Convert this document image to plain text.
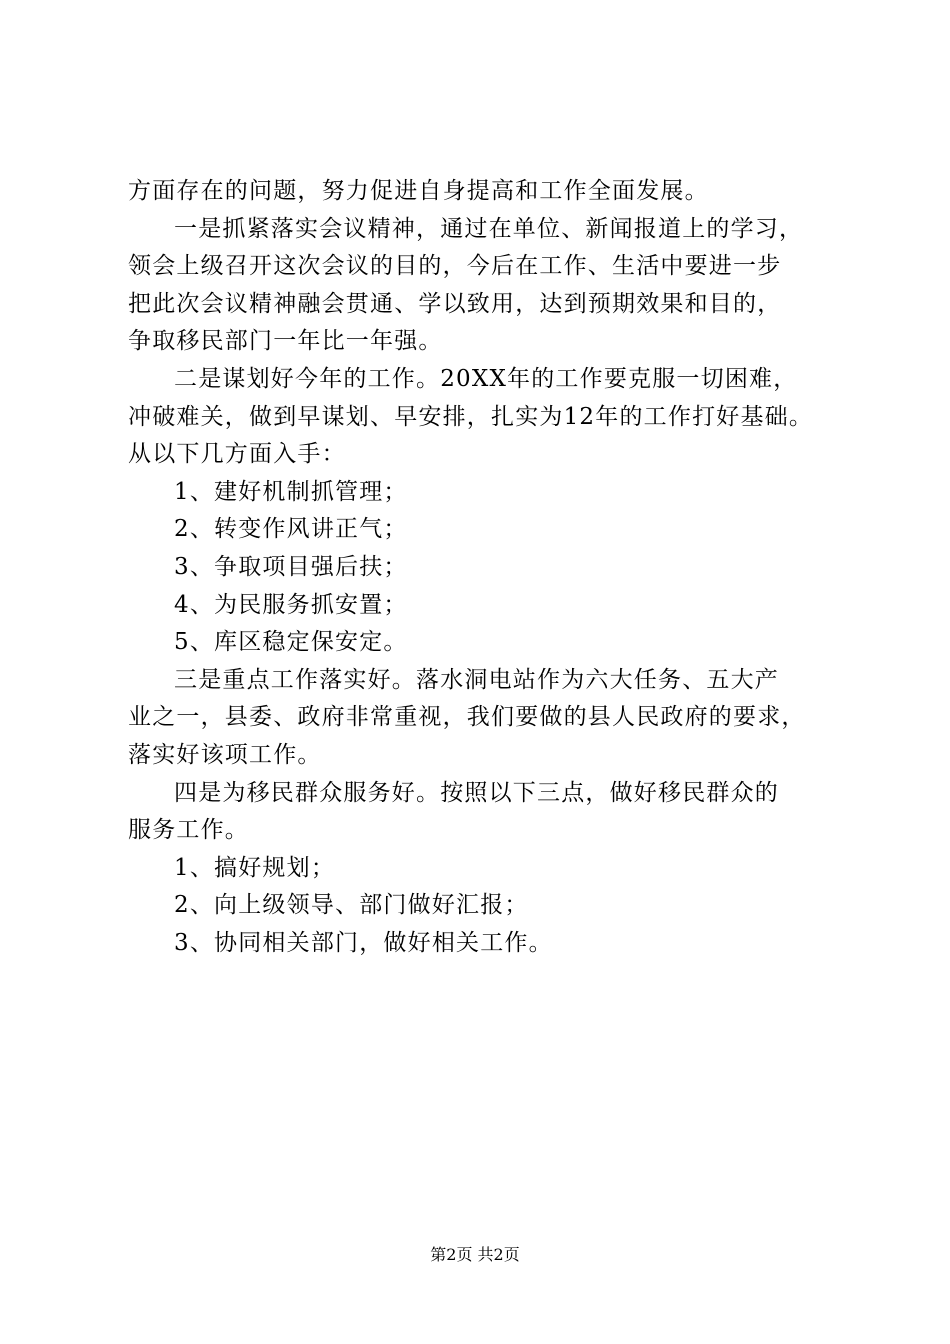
方面存在的问题，努力促进自身提高和工作全面发展。
一是抓紧落实会议精神，通过在单位、新闻报道上的学习，
领会上级召开这次会议的目的，今后在工作、生活中要进一步
把此次会议精神融会贯通、学以致用，达到预期效果和目的，
争取移民部门一年比一年强。
二是谋划好今年的工作。20XX年的工作要克服一切困难，
冲破难关，做到早谋划、早安排，扎实为12年的工作打好基础。
从以下几方面入手：
1、建好机制抓管理；
2、转变作风讲正气；
3、争取项目强后扶；
4、为民服务抓安置；
5、库区稳定保安定。
三是重点工作落实好。落水洞电站作为六大任务、五大产
业之一，县委、政府非常重视，我们要做的县人民政府的要求，
落实好该项工作。
四是为移民群众服务好。按照以下三点，做好移民群众的
服务工作。
1、搞好规划；
2、向上级领导、部门做好汇报；
3、协同相关部门，做好相关工作。
第2页 共2页
